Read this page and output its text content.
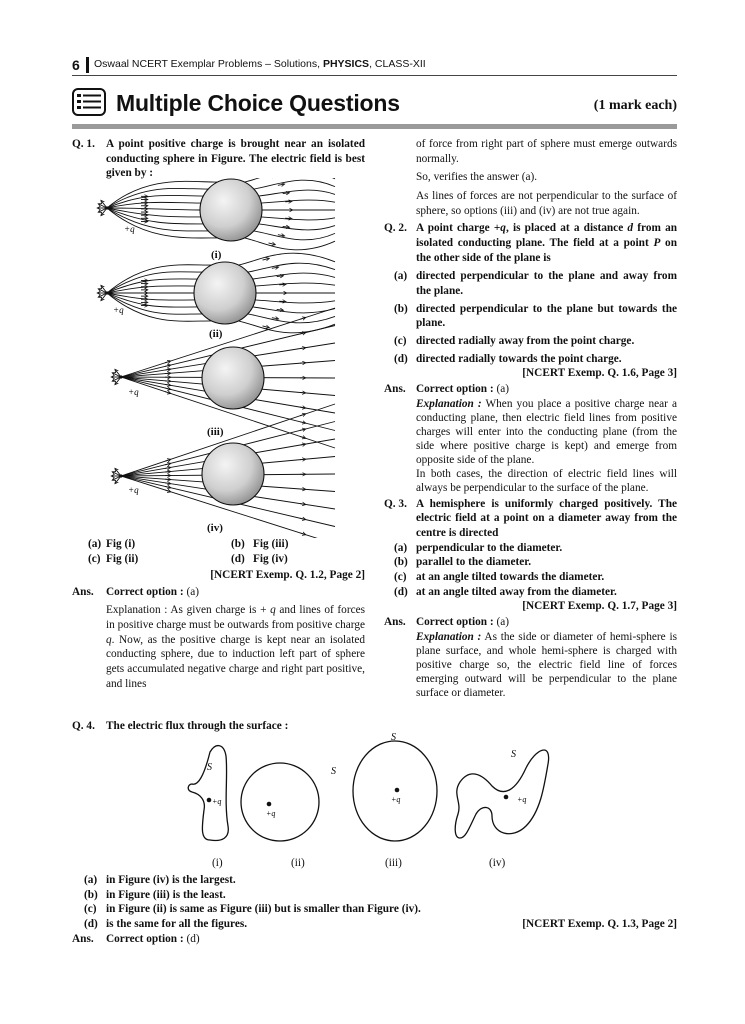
6 Oswaal NCERT Exemplar Problems – Solutions, PHYSICS, CLASS-XII
Multiple Choice Questions	(1 mark each)
Q. 1. A point positive charge is brought near an isolated conducting sphere in Figure. The electric field is best given by :
+q
+q
+q
+q
(i)
(ii)
(iii)
(iv)
(a) Fig (i)	(b) Fig (iii)
(c) Fig (ii)	(d) Fig (iv)
[NCERT Exemp. Q. 1.2, Page 2]
Ans. Correct option : (a)
Explanation : As given charge is + q and lines of forces in positive charge must be outwards from positive charge q. Now, as the positive charge is kept near an isolated conducting sphere, due to induction left part of sphere gets accumulated negative charge and right part positive, and lines
of force from right part of sphere must emerge outwards normally.
So, verifies the answer (a).
As lines of forces are not perpendicular to the surface of sphere, so options (iii) and (iv) are not true again.
Q. 2. A point charge +q, is placed at a distance d from an isolated conducting plane. The field at a point P on the other side of the plane is
(a) directed perpendicular to the plane and away from the plane.
(b) directed perpendicular to the plane but towards the plane.
(c) directed radially away from the point charge.
(d) directed radially towards the point charge.
[NCERT Exemp. Q. 1.6, Page 3]
Ans. Correct option : (a)
Explanation : When you place a positive charge near a conducting plane, then electric field lines from positive charges will enter into the conducting plane (from the side where positive charge is kept) and emerge from opposite side of the plane.
In both cases, the direction of electric field lines will always be perpendicular to the surface of the plane.
Q. 3. A hemisphere is uniformly charged positively. The electric field at a point on a diameter away from the centre is directed
(a) perpendicular to the diameter.
(b) parallel to the diameter.
(c) at an angle tilted towards the diameter.
(d) at an angle tilted away from the diameter.
[NCERT Exemp. Q. 1.7, Page 3]
Ans. Correct option : (a)
Explanation : As the side or diameter of hemi-sphere is plane surface, and whole hemi-sphere is charged with positive charge so, the electric field line of forces emerging outward will be perpendicular to the plane surface or diameter.
Q. 4. The electric flux through the surface :
S
+q
S
+q
S
+q
S
+q
(i)	(ii)	(iii)	(iv)
(a) in Figure (iv) is the largest.
(b) in Figure (iii) is the least.
(c) in Figure (ii) is same as Figure (iii) but is smaller than Figure (iv).
(d) is the same for all the figures.	[NCERT Exemp. Q. 1.3, Page 2]
Ans. Correct option : (d)
